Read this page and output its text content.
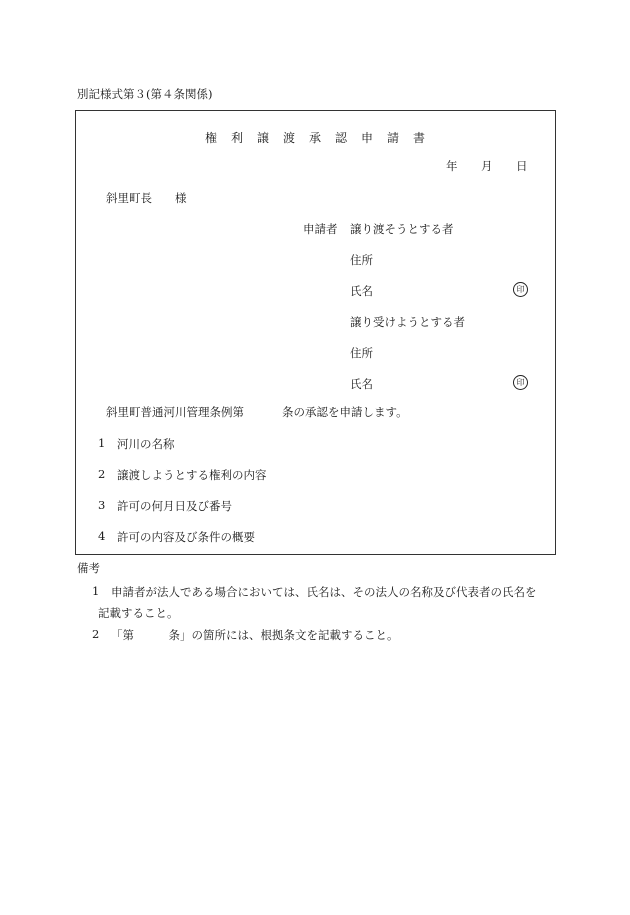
別記様式第３(第４条関係)
権利譲渡承認申請書
年 月 日
斜里町長 様
申請者 譲り渡そうとする者
住所
氏名	印
譲り受けようとする者
住所
氏名	印
斜里町普通河川管理条例第	条の承認を申請します。
1 河川の名称
2 譲渡しようとする権利の内容
3 許可の何月日及び番号
4 許可の内容及び条件の概要
備考
1 申請者が法人である場合においては、氏名は、その法人の名称及び代表者の氏名を
記載すること。
2 「第　　　条」の箇所には、根拠条文を記載すること。
